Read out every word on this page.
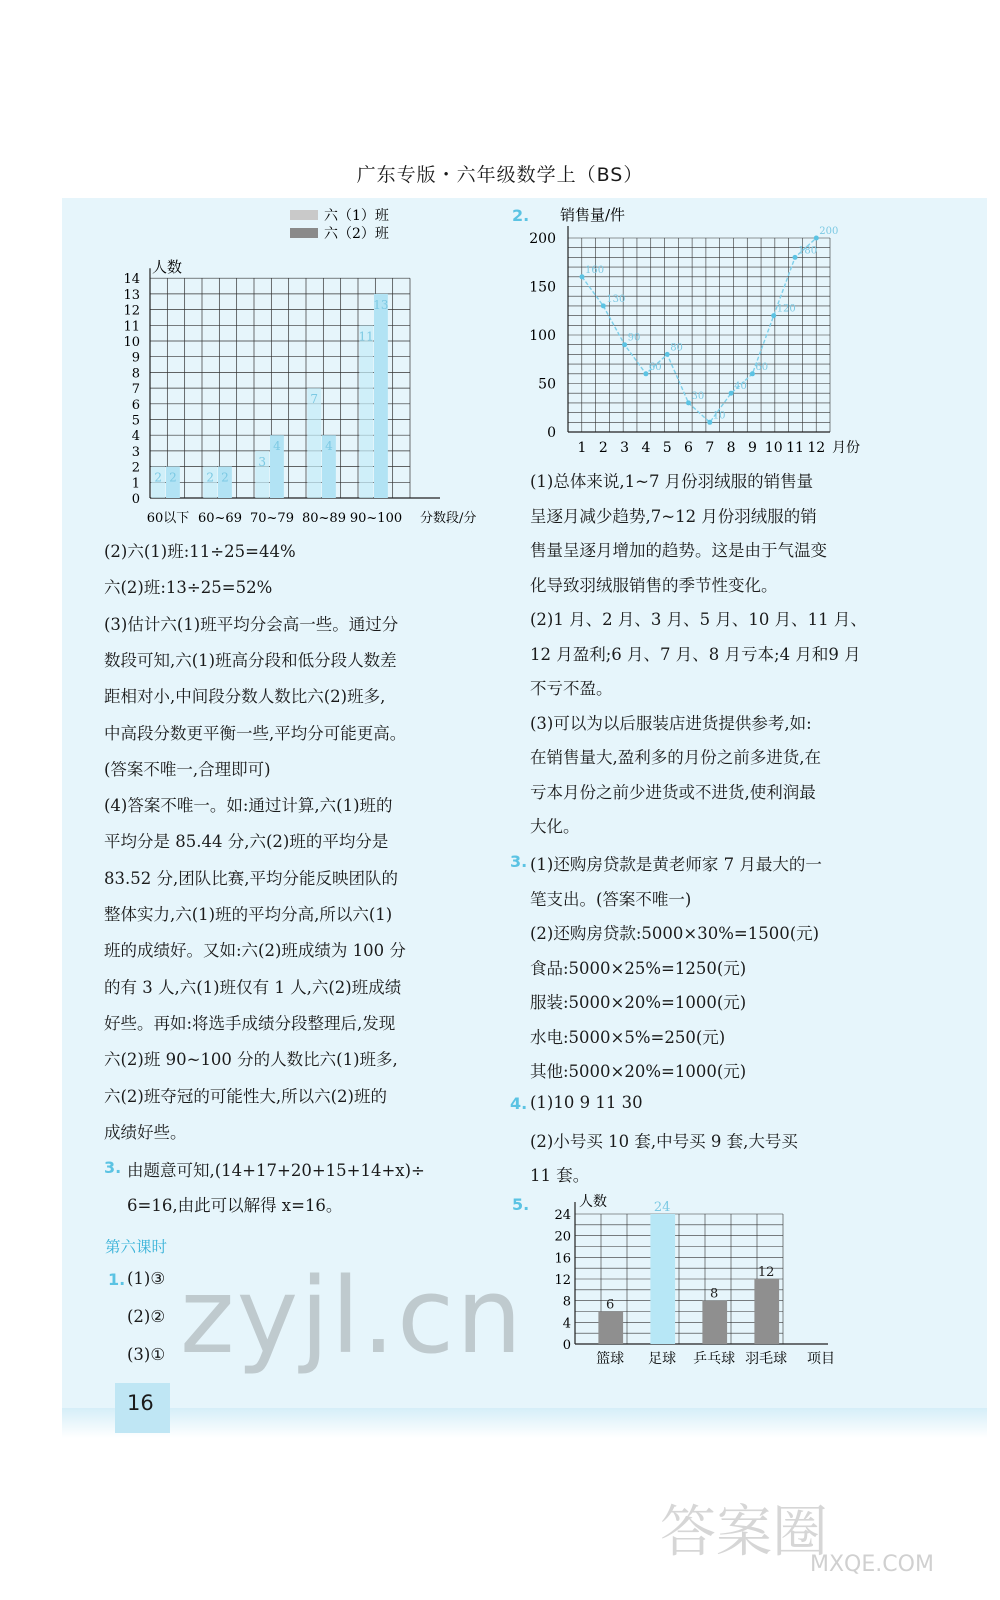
广东专版・六年级数学上（BS）
六（1）班
六（2）班
0
1
2
3
4
5
6
7
8
9
10
11
12
13
14
人数
2 2
60以下
2 2
60~69
3
4
70~79
7
4
80~89
11
13
90~100 分数段/分
销售量/件
0
50
100
150
200
1 2 3 4 5 6 7 8 9 10 11 12
160
130
90
60
80
30
10
40
60
120
180
200
月份
人数
0
4
8
12
16
20
24
6
篮球
24
足球
8
乒乓球
12
羽毛球 项目
(2)六(1)班:11÷25=44%
六(2)班:13÷25=52%
(3)估计六(1)班平均分会高一些。通过分
数段可知,六(1)班高分段和低分段人数差
距相对小,中间段分数人数比六(2)班多,
中高段分数更平衡一些,平均分可能更高。
(答案不唯一,合理即可)
(4)答案不唯一。如:通过计算,六(1)班的
平均分是 85.44 分,六(2)班的平均分是
83.52 分,团队比赛,平均分能反映团队的
整体实力,六(1)班的平均分高,所以六(1)
班的成绩好。又如:六(2)班成绩为 100 分
的有 3 人,六(1)班仅有 1 人,六(2)班成绩
好些。再如:将选手成绩分段整理后,发现
六(2)班 90~100 分的人数比六(1)班多,
六(2)班夺冠的可能性大,所以六(2)班的
成绩好些。
3. 由题意可知,(14+17+20+15+14+x)÷
6=16,由此可以解得 x=16。
第六课时
1. (1)③
(2)②
(3)①
2.
(1)总体来说,1~7 月份羽绒服的销售量
呈逐月减少趋势,7~12 月份羽绒服的销
售量呈逐月增加的趋势。这是由于气温变
化导致羽绒服销售的季节性变化。
(2)1 月、2 月、3 月、5 月、10 月、11 月、
12 月盈利;6 月、7 月、8 月亏本;4 月和9 月
不亏不盈。
(3)可以为以后服装店进货提供参考,如:
在销售量大,盈利多的月份之前多进货,在
亏本月份之前少进货或不进货,使利润最
大化。
3. (1)还购房贷款是黄老师家 7 月最大的一
笔支出。(答案不唯一)
(2)还购房贷款:5000×30%=1500(元)
食品:5000×25%=1250(元)
服装:5000×20%=1000(元)
水电:5000×5%=250(元)
其他:5000×20%=1000(元)
4. (1)10 9 11 30
(2)小号买 10 套,中号买 9 套,大号买
11 套。
5.
16
zyjl.cn
答案圈
MXQE.COM
